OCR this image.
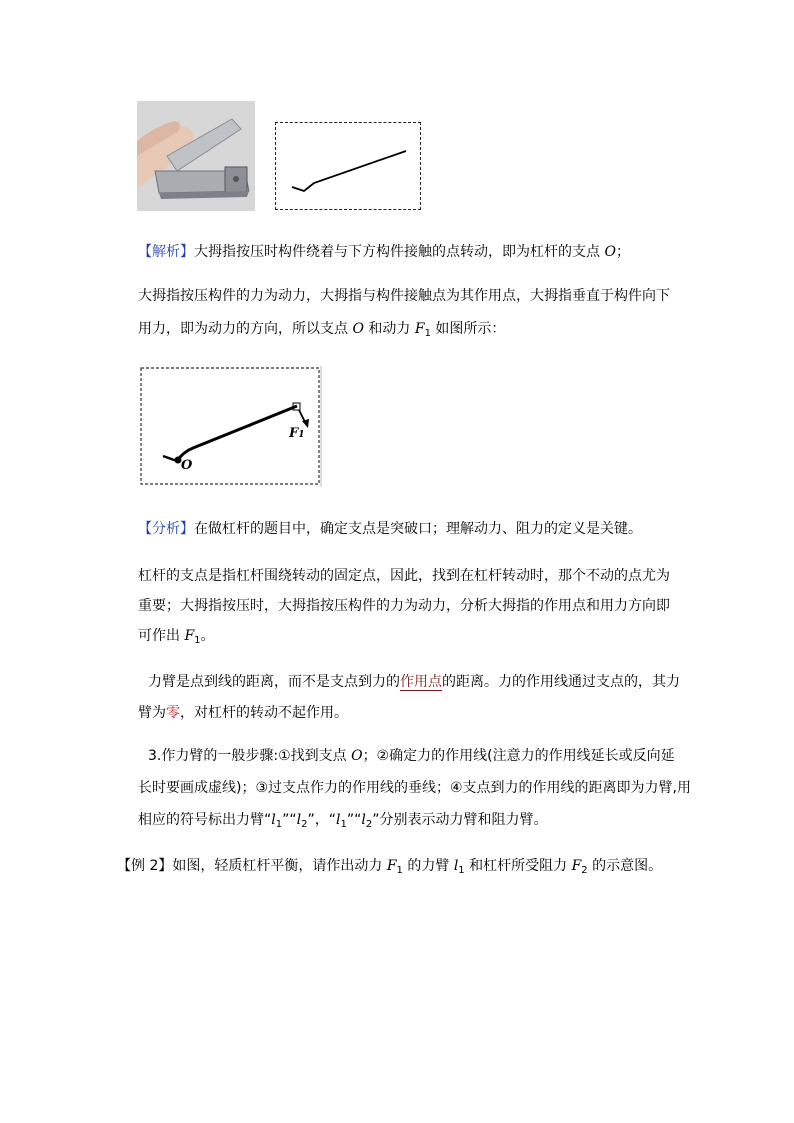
【解析】大拇指按压时构件绕着与下方构件接触的点转动，即为杠杆的支点 O；
大拇指按压构件的力为动力，大拇指与构件接触点为其作用点，大拇指垂直于构件向下
用力，即为动力的方向，所以支点 O 和动力 $F_1$ 如图所示：
F1
O
【分析】在做杠杆的题目中，确定支点是突破口；理解动力、阻力的定义是关键。
杠杆的支点是指杠杆围绕转动的固定点，因此，找到在杠杆转动时，那个不动的点尤为
重要；大拇指按压时，大拇指按压构件的力为动力，分析大拇指的作用点和用力方向即
可作出 $F_1$。
力臂是点到线的距离，而不是支点到力的作用点的距离。力的作用线通过支点的，其力
臂为零，对杠杆的转动不起作用。
3.作力臂的一般步骤:①找到支点 O；②确定力的作用线(注意力的作用线延长或反向延
长时要画成虚线)；③过支点作力的作用线的垂线；④支点到力的作用线的距离即为力臂,用
相应的符号标出力臂“$l_1”“l_2$”，“$l_1”“l_2$”分别表示动力臂和阻力臂。
【例 2】如图，轻质杠杆平衡，请作出动力 $F_1$ 的力臂 $l_1$ 和杠杆所受阻力 $F_2$ 的示意图。
